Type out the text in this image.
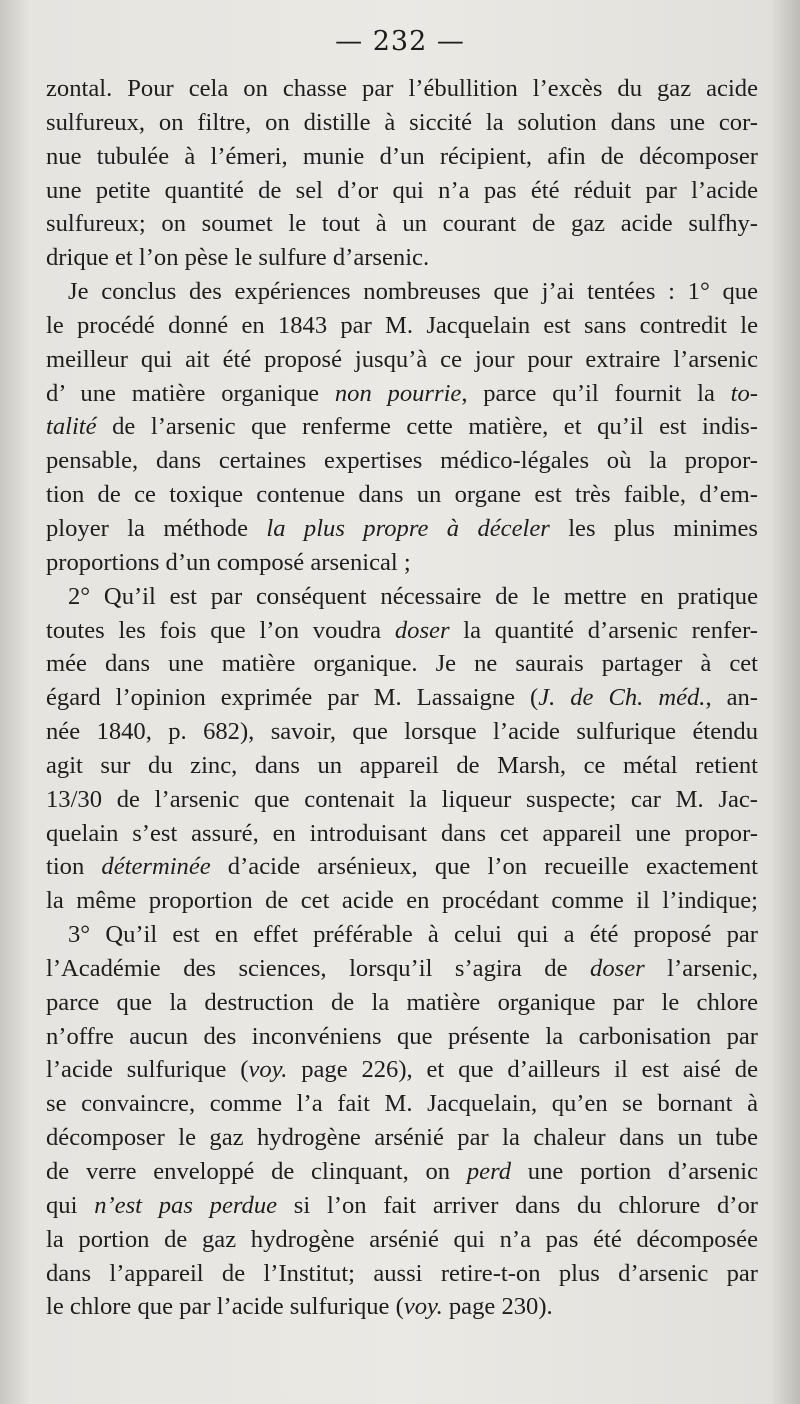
— 232 —
zontal. Pour cela on chasse par l’ébullition l’excès du gaz acide
sulfureux, on filtre, on distille à siccité la solution dans une cor-
nue tubulée à l’émeri, munie d’un récipient, afin de décomposer
une petite quantité de sel d’or qui n’a pas été réduit par l’acide
sulfureux; on soumet le tout à un courant de gaz acide sulfhy-
drique et l’on pèse le sulfure d’arsenic.
Je conclus des expériences nombreuses que j’ai tentées : 1° que
le procédé donné en 1843 par M. Jacquelain est sans contredit le
meilleur qui ait été proposé jusqu’à ce jour pour extraire l’arsenic
d’ une matière organique non pourrie, parce qu’il fournit la to-
talité de l’arsenic que renferme cette matière, et qu’il est indis-
pensable, dans certaines expertises médico-légales où la propor-
tion de ce toxique contenue dans un organe est très faible, d’em-
ployer la méthode la plus propre à déceler les plus minimes
proportions d’un composé arsenical ;
2° Qu’il est par conséquent nécessaire de le mettre en pratique
toutes les fois que l’on voudra doser la quantité d’arsenic renfer-
mée dans une matière organique. Je ne saurais partager à cet
égard l’opinion exprimée par M. Lassaigne (J. de Ch. méd., an-
née 1840, p. 682), savoir, que lorsque l’acide sulfurique étendu
agit sur du zinc, dans un appareil de Marsh, ce métal retient
13/30 de l’arsenic que contenait la liqueur suspecte; car M. Jac-
quelain s’est assuré, en introduisant dans cet appareil une propor-
tion déterminée d’acide arsénieux, que l’on recueille exactement
la même proportion de cet acide en procédant comme il l’indique;
3° Qu’il est en effet préférable à celui qui a été proposé par
l’Académie des sciences, lorsqu’il s’agira de doser l’arsenic,
parce que la destruction de la matière organique par le chlore
n’offre aucun des inconvéniens que présente la carbonisation par
l’acide sulfurique (voy. page 226), et que d’ailleurs il est aisé de
se convaincre, comme l’a fait M. Jacquelain, qu’en se bornant à
décomposer le gaz hydrogène arsénié par la chaleur dans un tube
de verre enveloppé de clinquant, on perd une portion d’arsenic
qui n’est pas perdue si l’on fait arriver dans du chlorure d’or
la portion de gaz hydrogène arsénié qui n’a pas été décomposée
dans l’appareil de l’Institut; aussi retire-t-on plus d’arsenic par
le chlore que par l’acide sulfurique (voy. page 230).
